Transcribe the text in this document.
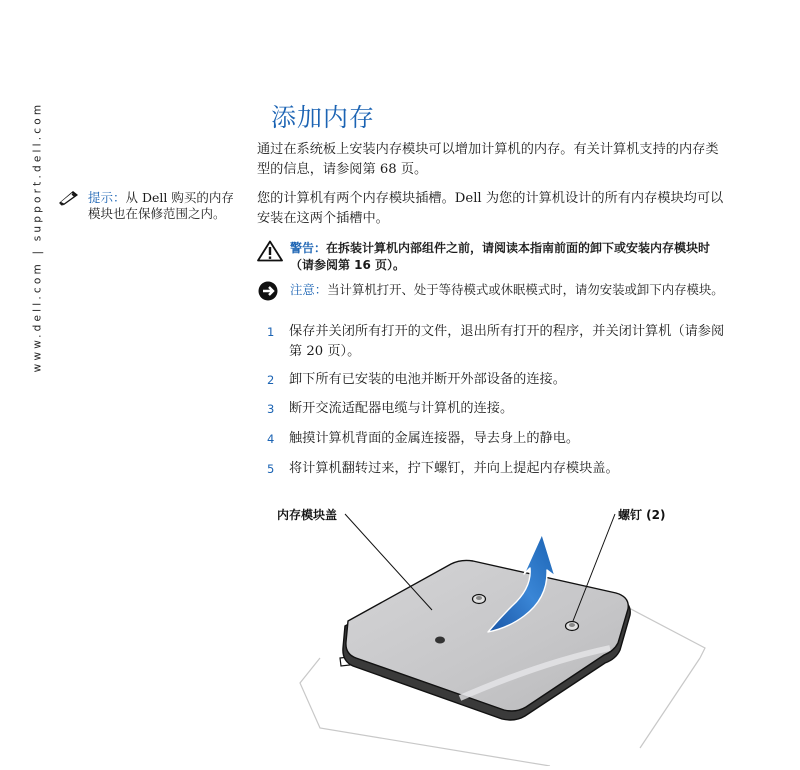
www.dell.com | support.dell.com	提示：从 Dell 购买的内存模块也在保修范围之内。
添加内存

通过在系统板上安装内存模块可以增加计算机的内存。有关计算机支持的内存类型的信息，请参阅第 68 页。

您的计算机有两个内存模块插槽。Dell 为您的计算机设计的所有内存模块均可以安装在这两个插槽中。

警告：在拆装计算机内部组件之前，请阅读本指南前面的卸下或安装内存模块时（请参阅第 16 页）。
注意：当计算机打开、处于等待模式或休眠模式时，请勿安装或卸下内存模块。
1	保存并关闭所有打开的文件，退出所有打开的程序，并关闭计算机（请参阅第 20 页）。
2	卸下所有已安装的电池并断开外部设备的连接。
3	断开交流适配器电缆与计算机的连接。
4	触摸计算机背面的金属连接器，导去身上的静电。
5	将计算机翻转过来，拧下螺钉，并向上提起内存模块盖。
内存模块盖	螺钉 (2)
